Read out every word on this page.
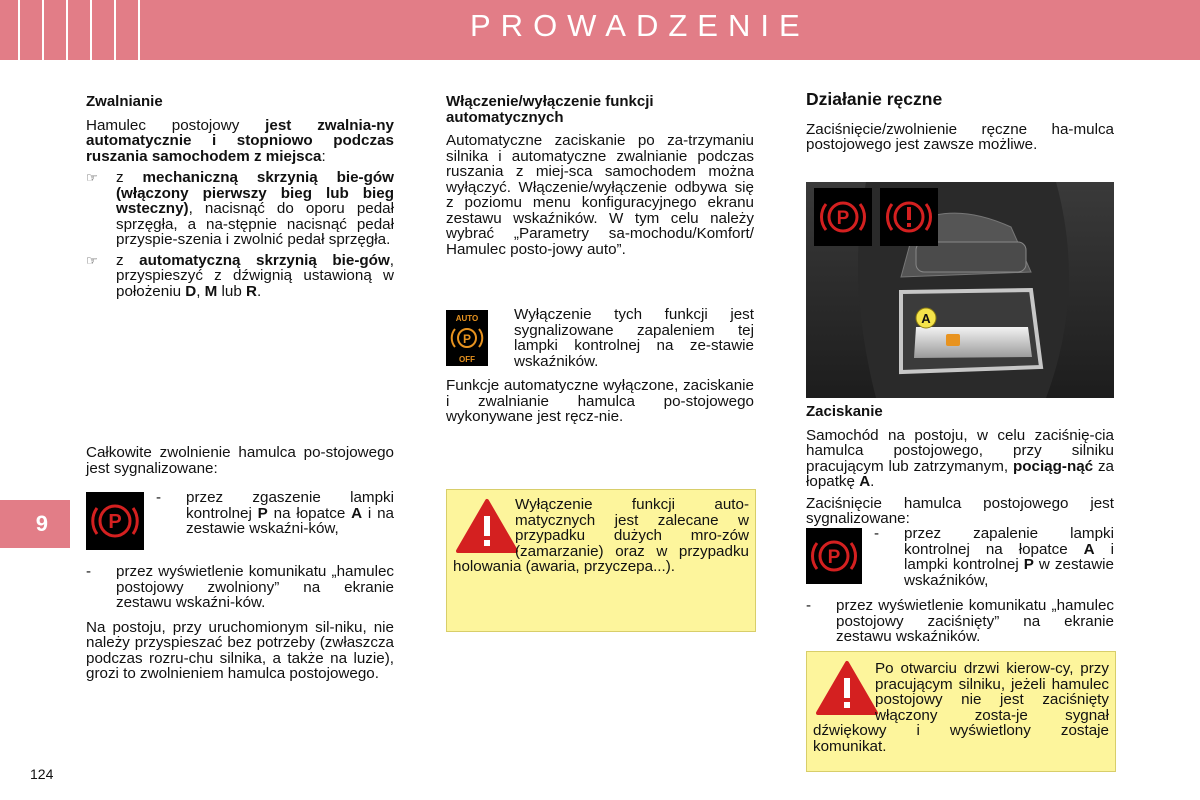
PROWADZENIE
9
124
Zwalnianie

Hamulec postojowy jest zwalnia-ny automatycznie i stopniowo podczas ruszania samochodem z miejsca:

☞ z mechaniczną skrzynią bie-gów (włączony pierwszy bieg lub bieg wsteczny), nacisnąć do oporu pedał sprzęgła, a na-stępnie nacisnąć pedał przyspie-szenia i zwolnić pedał sprzęgła.
☞ z automatyczną skrzynią bie-gów, przyspieszyć z dźwignią ustawioną w położeniu D, M lub R.

Całkowite zwolnienie hamulca po-stojowego jest sygnalizowane:

P
- przez zgaszenie lampki kontrolnej P na łopatce A i na zestawie wskaźni-ków,
- przez wyświetlenie komunikatu „hamulec postojowy zwolniony” na ekranie zestawu wskaźni-ków.

Na postoju, przy uruchomionym sil-niku, nie należy przyspieszać bez potrzeby (zwłaszcza podczas rozru-chu silnika, a także na luzie), grozi to zwolnieniem hamulca postojowego.

Włączenie/wyłączenie funkcji automatycznych

Automatyczne zaciskanie po za-trzymaniu silnika i automatyczne zwalnianie podczas ruszania z miej-sca samochodem można wyłączyć. Włączenie/wyłączenie odbywa się z poziomu menu konfiguracyjnego ekranu zestawu wskaźników. W tym celu należy wybrać „Parametry sa-mochodu/Komfort/ Hamulec posto-jowy auto”.

AUTO
P
OFF

Wyłączenie tych funkcji jest sygnalizowane zapaleniem tej lampki kontrolnej na ze-stawie wskaźników.

Funkcje automatyczne wyłączone, zaciskanie i zwalnianie hamulca po-stojowego wykonywane jest ręcz-nie.

Wyłączenie funkcji auto-matycznych jest zalecane w przypadku dużych mro-zów (zamarzanie) oraz w przypadku holowania (awaria, przyczepa...).

Działanie ręczne

Zaciśnięcie/zwolnienie ręczne ha-mulca postojowego jest zawsze możliwe.

A
P
Zaciskanie

Samochód na postoju, w celu zaciśnię-cia hamulca postojowego, przy silniku pracującym lub zatrzymanym, pociąg-nąć za łopatkę A.

Zaciśnięcie hamulca postojowego jest sygnalizowane:

P
- przez zapalenie lampki kontrolnej na łopatce A i lampki kontrolnej P w zestawie wskaźników,
- przez wyświetlenie komunikatu „hamulec postojowy zaciśnięty” na ekranie zestawu wskaźników.

Po otwarciu drzwi kierow-cy, przy pracującym silniku, jeżeli hamulec postojowy nie jest zaciśnięty włączony zosta-je sygnał dźwiękowy i wyświetlony zostaje komunikat.
